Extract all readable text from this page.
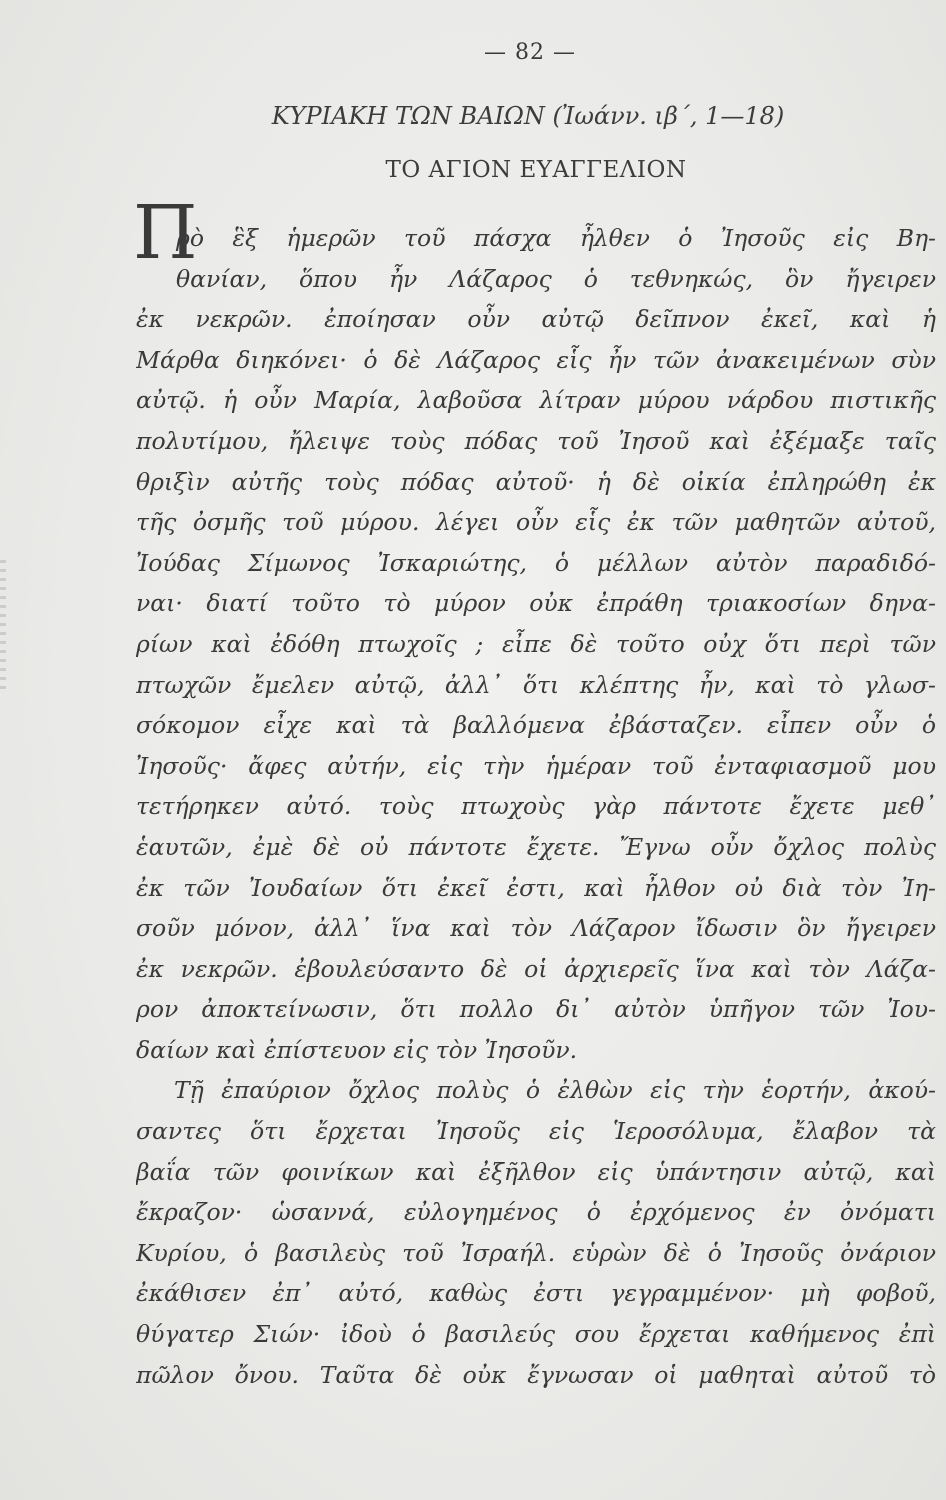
— 82 —
ΚΥΡΙΑΚΗ ΤΩΝ ΒΑΙΩΝ (Ἰωάνν. ιβ΄, 1—18)
ΤΟ ΑΓΙΟΝ ΕΥΑΓΓΕΛΙΟΝ
Π
ρὸ ἓξ ἡμερῶν τοῦ πάσχα ἦλθεν ὁ Ἰησοῦς εἰς Βη-
θανίαν, ὅπου ἦν Λάζαρος ὁ τεθνηκώς, ὃν ἤγειρεν
ἐκ νεκρῶν. ἐποίησαν οὖν αὐτῷ δεῖπνον ἐκεῖ, καὶ ἡ
Μάρθα διηκόνει· ὁ δὲ Λάζαρος εἷς ἦν τῶν ἀνακειμένων σὺν
αὐτῷ. ἡ οὖν Μαρία, λαβοῦσα λίτραν μύρου νάρδου πιστικῆς
πολυτίμου, ἤλειψε τοὺς πόδας τοῦ Ἰησοῦ καὶ ἐξέμαξε ταῖς
θριξὶν αὐτῆς τοὺς πόδας αὐτοῦ· ἡ δὲ οἰκία ἐπληρώθη ἐκ
τῆς ὀσμῆς τοῦ μύρου. λέγει οὖν εἷς ἐκ τῶν μαθητῶν αὐτοῦ,
Ἰούδας Σίμωνος Ἰσκαριώτης, ὁ μέλλων αὐτὸν παραδιδό-
ναι· διατί τοῦτο τὸ μύρον οὐκ ἐπράθη τριακοσίων δηνα-
ρίων καὶ ἐδόθη πτωχοῖς ; εἶπε δὲ τοῦτο οὐχ ὅτι περὶ τῶν
πτωχῶν ἔμελεν αὐτῷ, ἀλλ᾿ ὅτι κλέπτης ἦν, καὶ τὸ γλωσ-
σόκομον εἶχε καὶ τὰ βαλλόμενα ἐβάσταζεν. εἶπεν οὖν ὁ
Ἰησοῦς· ἄφες αὐτήν, εἰς τὴν ἡμέραν τοῦ ἐνταφιασμοῦ μου
τετήρηκεν αὐτό. τοὺς πτωχοὺς γὰρ πάντοτε ἔχετε μεθ᾿
ἑαυτῶν, ἐμὲ δὲ οὐ πάντοτε ἔχετε. Ἔγνω οὖν ὄχλος πολὺς
ἐκ τῶν Ἰουδαίων ὅτι ἐκεῖ ἐστι, καὶ ἦλθον οὐ διὰ τὸν Ἰη-
σοῦν μόνον, ἀλλ᾿ ἵνα καὶ τὸν Λάζαρον ἴδωσιν ὃν ἤγειρεν
ἐκ νεκρῶν. ἐβουλεύσαντο δὲ οἱ ἀρχιερεῖς ἵνα καὶ τὸν Λάζα-
ρον ἀποκτείνωσιν, ὅτι πολλο δι᾿ αὐτὸν ὑπῆγον τῶν Ἰου-
δαίων καὶ ἐπίστευον εἰς τὸν Ἰησοῦν.
Τῇ ἐπαύριον ὄχλος πολὺς ὁ ἐλθὼν εἰς τὴν ἑορτήν, ἀκού-
σαντες ὅτι ἔρχεται Ἰησοῦς εἰς Ἱεροσόλυμα, ἔλαβον τὰ
βαΐα τῶν φοινίκων καὶ ἐξῆλθον εἰς ὑπάντησιν αὐτῷ, καὶ
ἔκραζον· ὡσαννά, εὐλογημένος ὁ ἐρχόμενος ἐν ὀνόματι
Κυρίου, ὁ βασιλεὺς τοῦ Ἰσραήλ. εὑρὼν δὲ ὁ Ἰησοῦς ὀνάριον
ἐκάθισεν ἐπ᾿ αὐτό, καθὼς ἐστι γεγραμμένον· μὴ φοβοῦ,
θύγατερ Σιών· ἰδοὺ ὁ βασιλεύς σου ἔρχεται καθήμενος ἐπὶ
πῶλον ὄνου. Ταῦτα δὲ οὐκ ἔγνωσαν οἱ μαθηταὶ αὐτοῦ τὸ
